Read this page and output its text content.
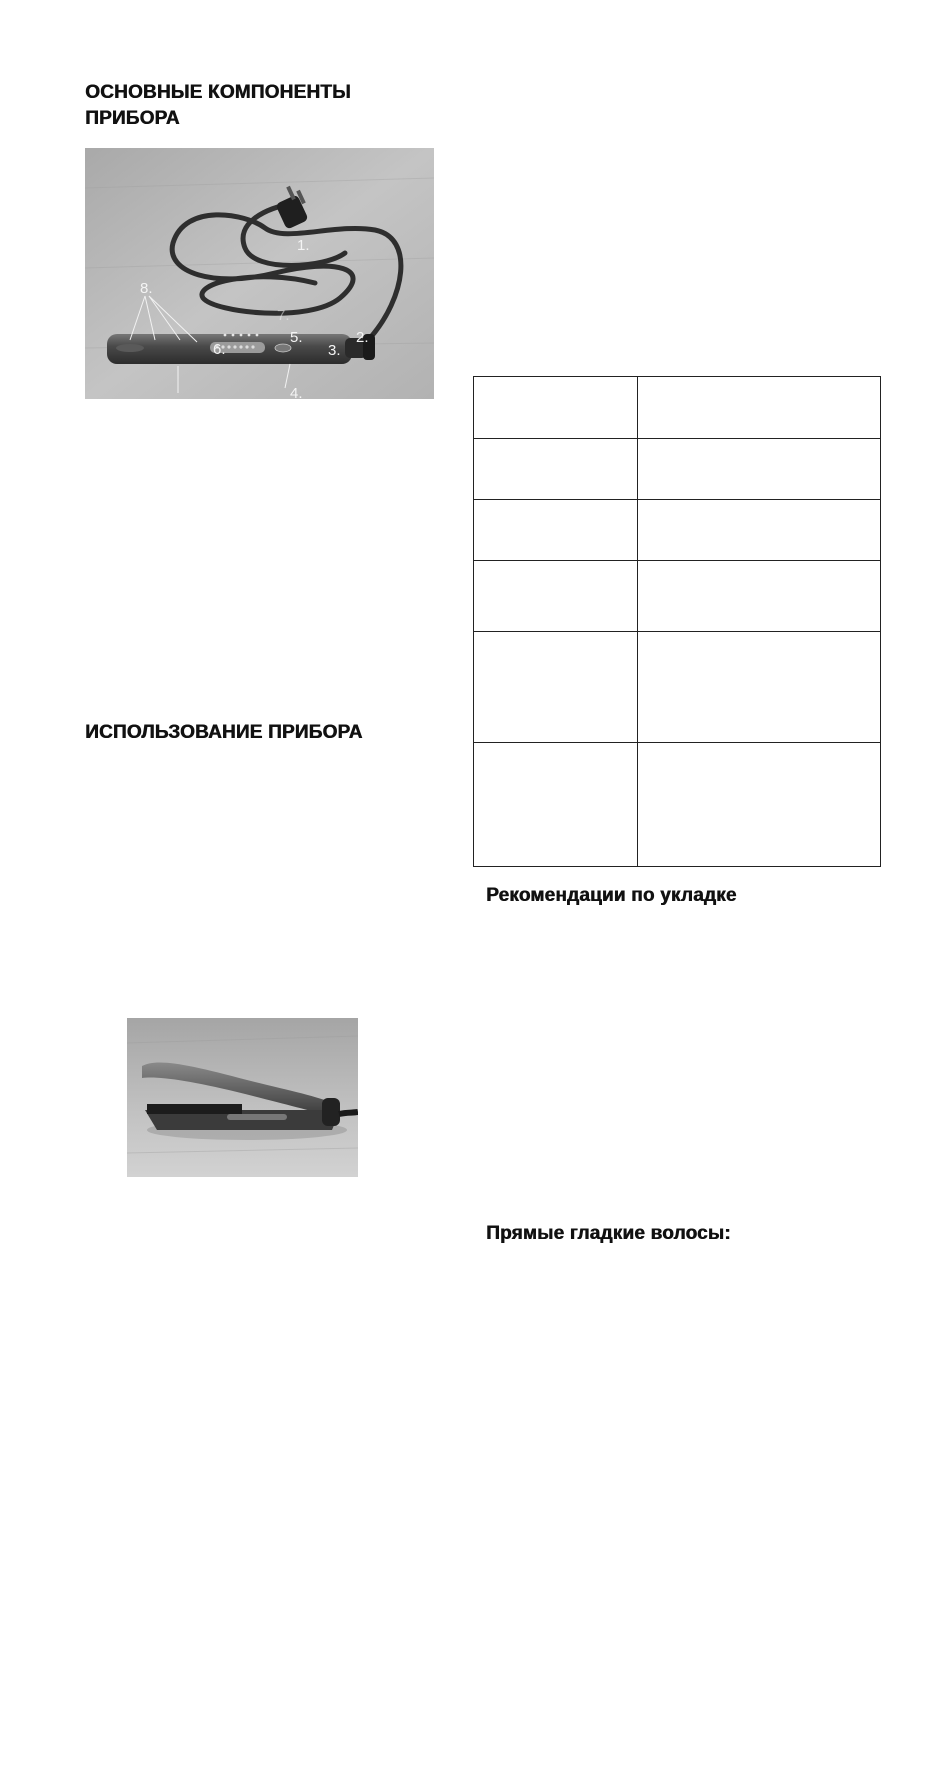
ОСНОВНЫЕ КОМПОНЕНТЫ ПРИБОРА
1.
2.
3.
4.
5.
6.
7.
8.
ИСПОЛЬЗОВАНИЕ ПРИБОРА

Рекомендации по укладке
Прямые гладкие волосы:
